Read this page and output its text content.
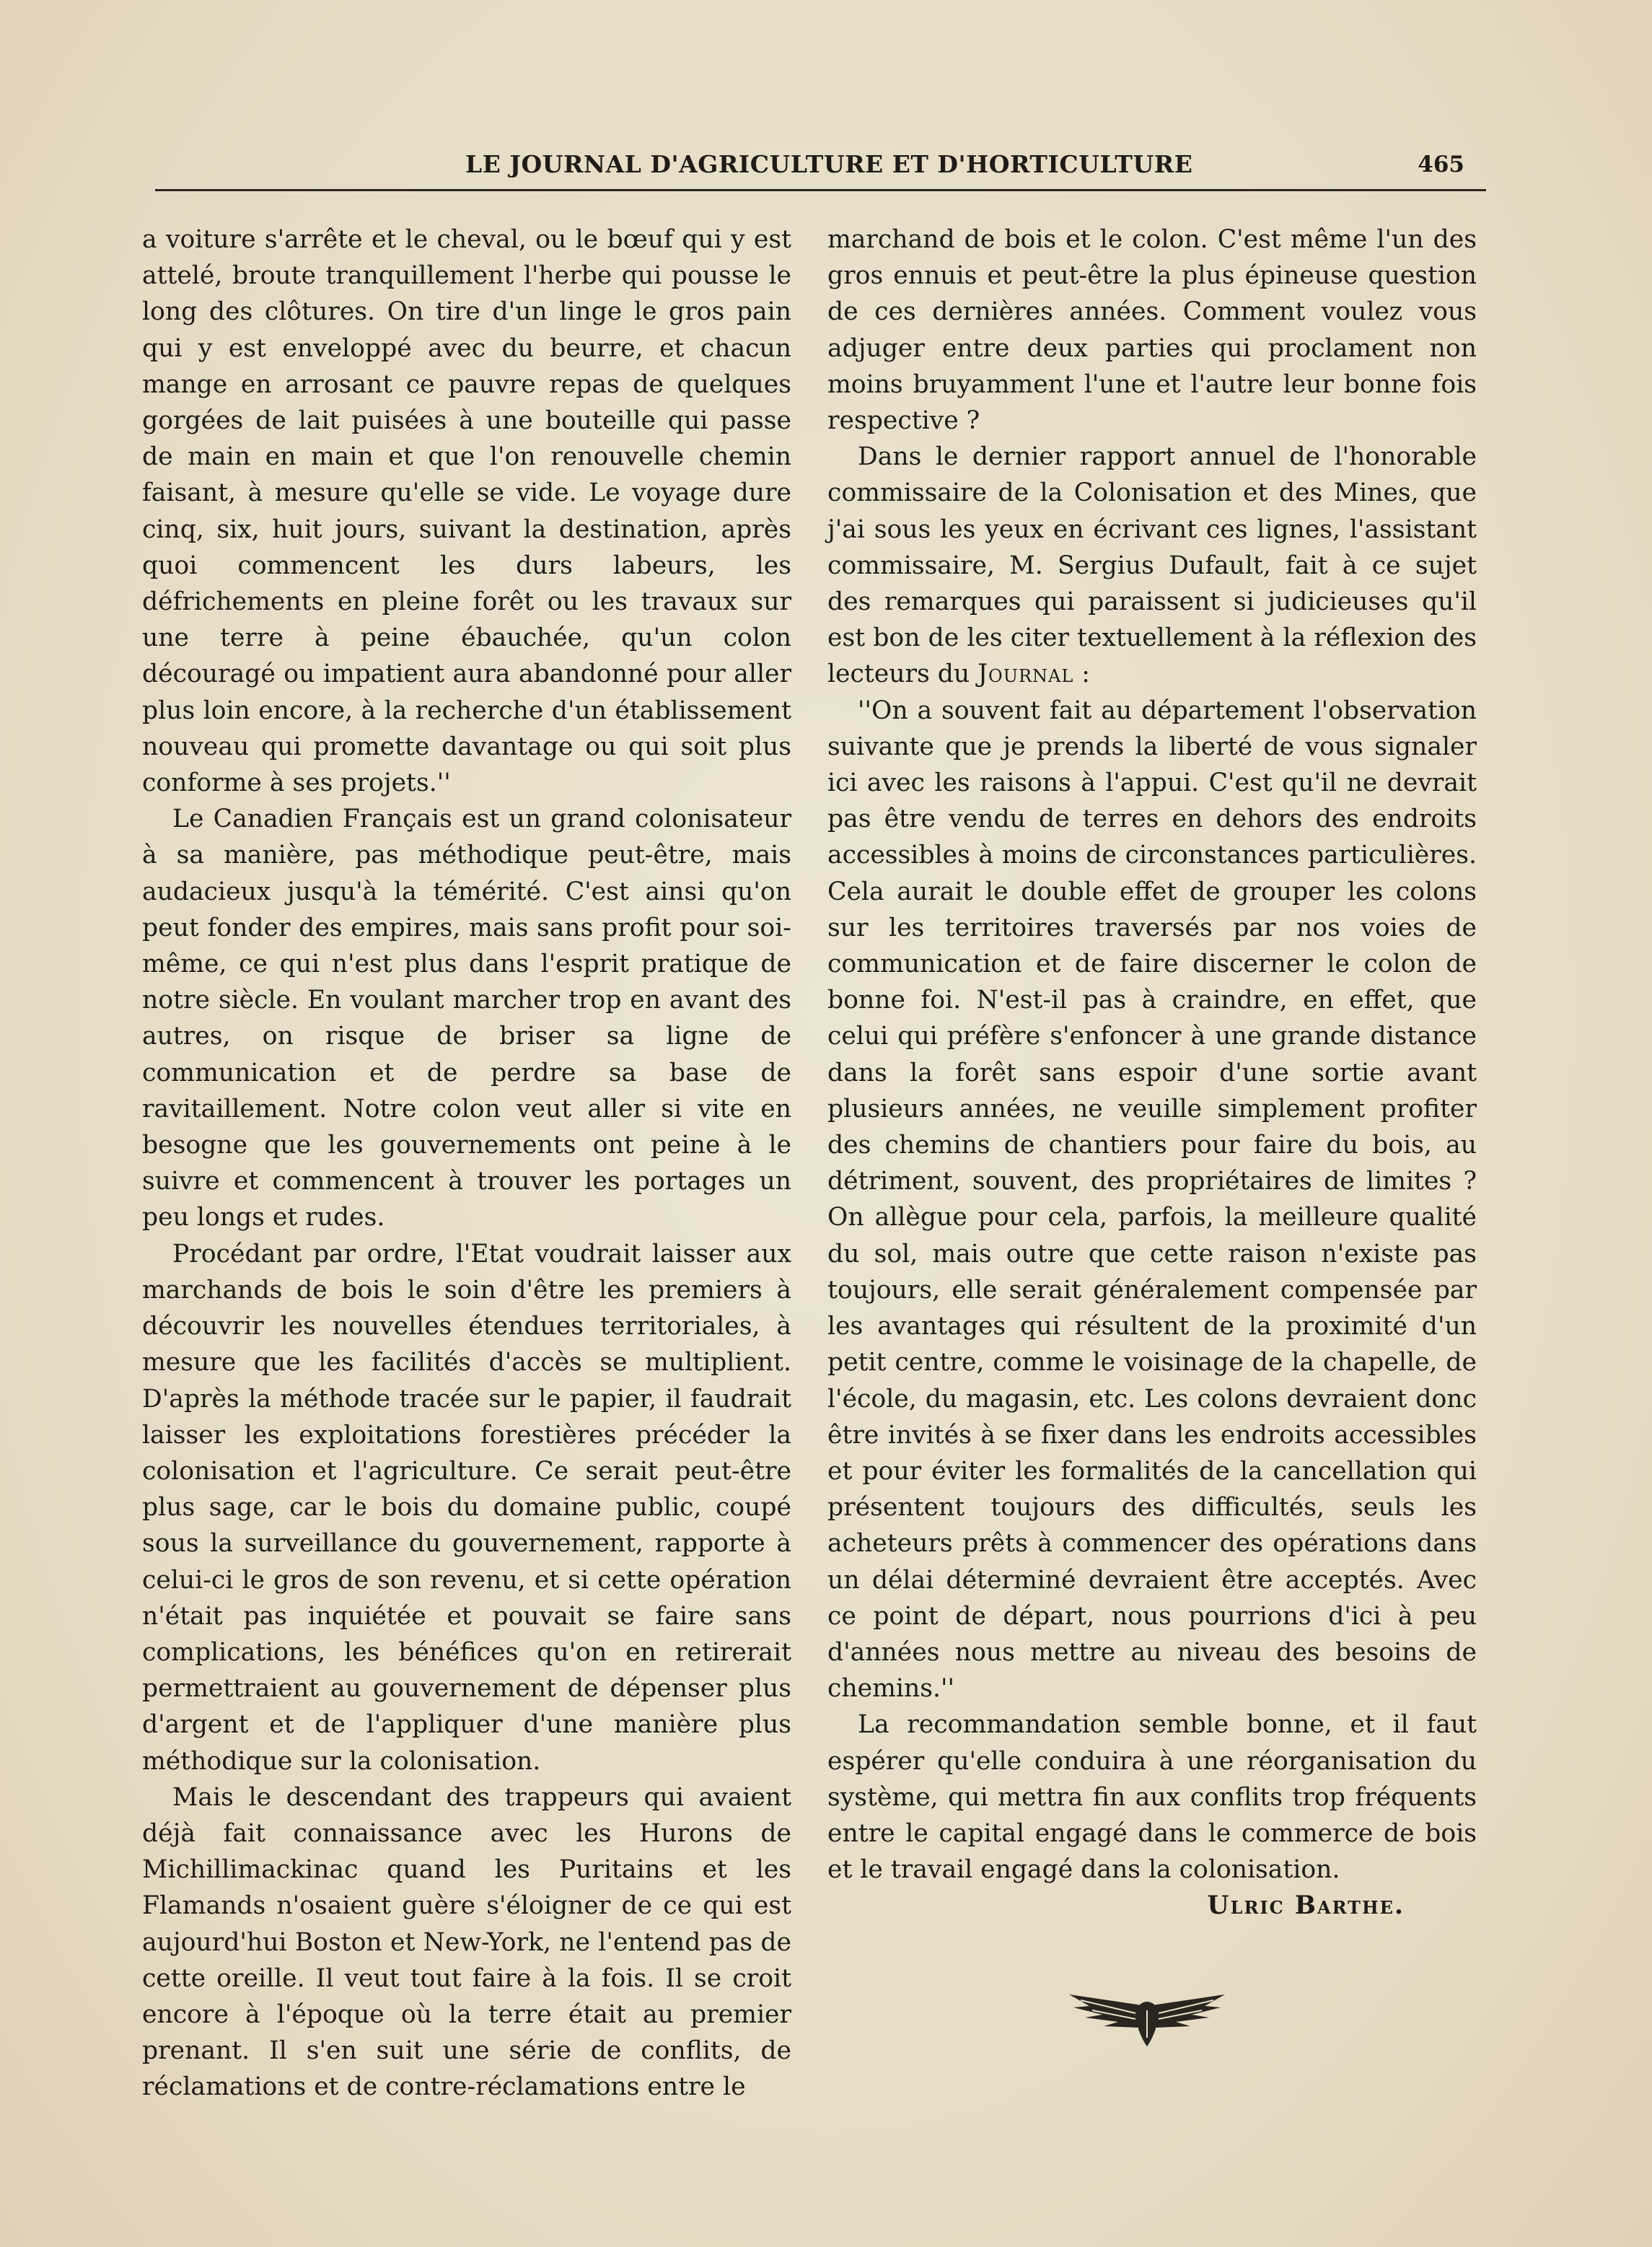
LE JOURNAL D'AGRICULTURE ET D'HORTICULTURE	465

a voiture s'arrête et le cheval, ou le bœuf qui y est attelé, broute tranquillement l'herbe qui pousse le long des clôtures. On tire d'un linge le gros pain qui y est enveloppé avec du beurre, et chacun mange en arrosant ce pauvre repas de quelques gorgées de lait puisées à une bouteille qui passe de main en main et que l'on renouvelle chemin faisant, à mesure qu'elle se vide. Le voyage dure cinq, six, huit jours, suivant la destination, après quoi commencent les durs labeurs, les défrichements en pleine forêt ou les travaux sur une terre à peine ébauchée, qu'un colon découragé ou impatient aura abandonné pour aller plus loin encore, à la recherche d'un établissement nouveau qui promette davantage ou qui soit plus conforme à ses projets.''

Le Canadien Français est un grand colonisateur à sa manière, pas méthodique peut-être, mais audacieux jusqu'à la témérité. C'est ainsi qu'on peut fonder des empires, mais sans profit pour soi-même, ce qui n'est plus dans l'esprit pratique de notre siècle. En voulant marcher trop en avant des autres, on risque de briser sa ligne de communication et de perdre sa base de ravitaillement. Notre colon veut aller si vite en besogne que les gouvernements ont peine à le suivre et commencent à trouver les portages un peu longs et rudes.

Procédant par ordre, l'Etat voudrait laisser aux marchands de bois le soin d'être les premiers à découvrir les nouvelles étendues territoriales, à mesure que les facilités d'accès se multiplient. D'après la méthode tracée sur le papier, il faudrait laisser les exploitations forestières précéder la colonisation et l'agriculture. Ce serait peut-être plus sage, car le bois du domaine public, coupé sous la surveillance du gouvernement, rapporte à celui-ci le gros de son revenu, et si cette opération n'était pas inquiétée et pouvait se faire sans complications, les bénéfices qu'on en retirerait permettraient au gouvernement de dépenser plus d'argent et de l'appliquer d'une manière plus méthodique sur la colonisation.

Mais le descendant des trappeurs qui avaient déjà fait connaissance avec les Hurons de Michillimackinac quand les Puritains et les Flamands n'osaient guère s'éloigner de ce qui est aujourd'hui Boston et New-York, ne l'entend pas de cette oreille. Il veut tout faire à la fois. Il se croit encore à l'époque où la terre était au premier prenant. Il s'en suit une série de conflits, de réclamations et de contre-réclamations entre le

marchand de bois et le colon. C'est même l'un des gros ennuis et peut-être la plus épineuse question de ces dernières années. Comment voulez vous adjuger entre deux parties qui proclament non moins bruyamment l'une et l'autre leur bonne fois respective ?

Dans le dernier rapport annuel de l'honorable commissaire de la Colonisation et des Mines, que j'ai sous les yeux en écrivant ces lignes, l'assistant commissaire, M. Sergius Dufault, fait à ce sujet des remarques qui paraissent si judicieuses qu'il est bon de les citer textuellement à la réflexion des lecteurs du Journal :

''On a souvent fait au département l'observation suivante que je prends la liberté de vous signaler ici avec les raisons à l'appui. C'est qu'il ne devrait pas être vendu de terres en dehors des endroits accessibles à moins de circonstances particulières. Cela aurait le double effet de grouper les colons sur les territoires traversés par nos voies de communication et de faire discerner le colon de bonne foi. N'est-il pas à craindre, en effet, que celui qui préfère s'enfoncer à une grande distance dans la forêt sans espoir d'une sortie avant plusieurs années, ne veuille simplement profiter des chemins de chantiers pour faire du bois, au détriment, souvent, des propriétaires de limites ? On allègue pour cela, parfois, la meilleure qualité du sol, mais outre que cette raison n'existe pas toujours, elle serait généralement compensée par les avantages qui résultent de la proximité d'un petit centre, comme le voisinage de la chapelle, de l'école, du magasin, etc. Les colons devraient donc être invités à se fixer dans les endroits accessibles et pour éviter les formalités de la cancellation qui présentent toujours des difficultés, seuls les acheteurs prêts à commencer des opérations dans un délai déterminé devraient être acceptés. Avec ce point de départ, nous pourrions d'ici à peu d'années nous mettre au niveau des besoins de chemins.''

La recommandation semble bonne, et il faut espérer qu'elle conduira à une réorganisation du système, qui mettra fin aux conflits trop fréquents entre le capital engagé dans le commerce de bois et le travail engagé dans la colonisation.

Ulric Barthe.
